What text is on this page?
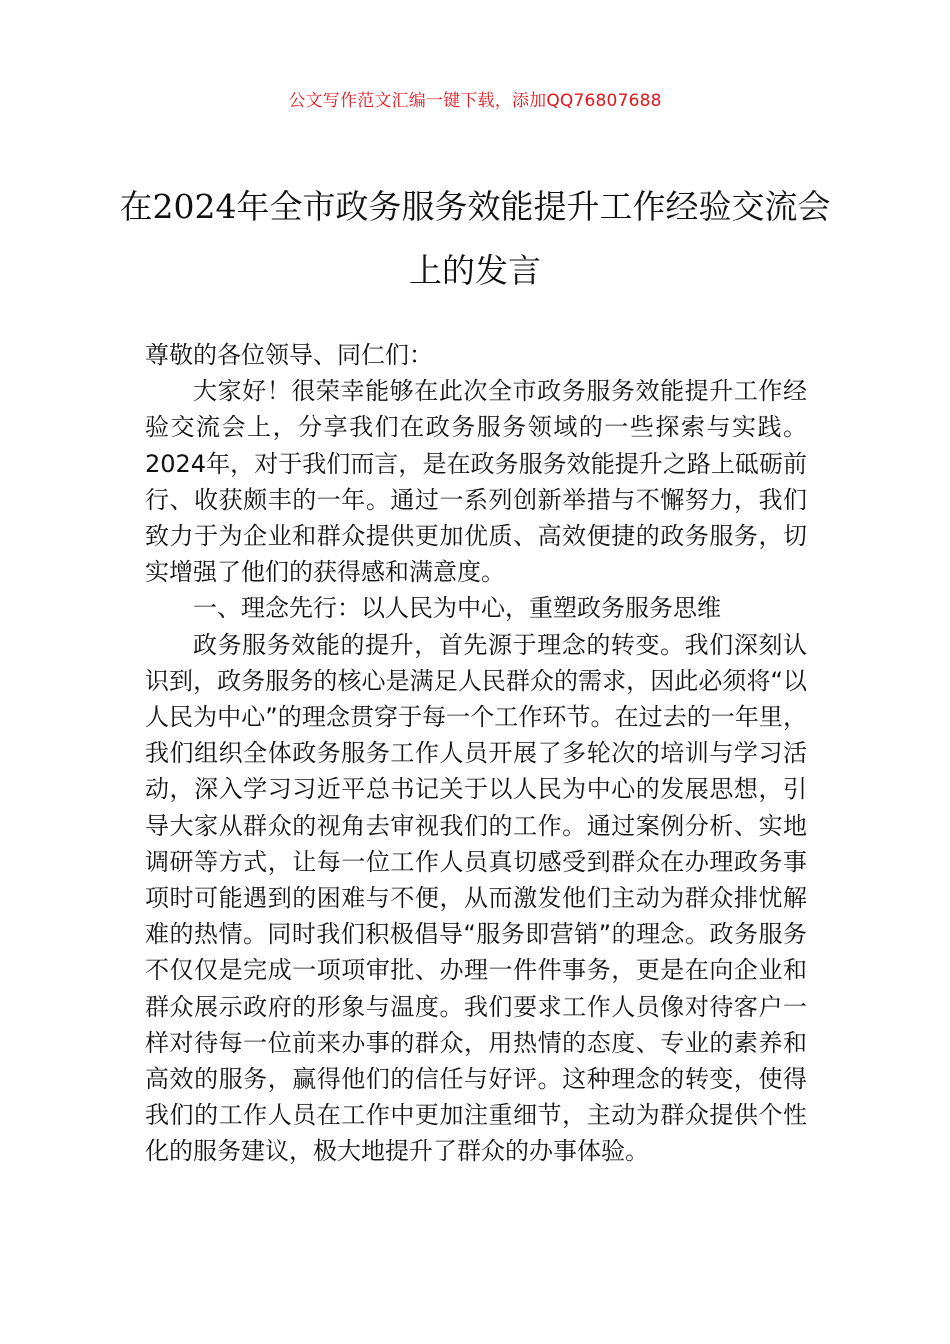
公文写作范文汇编一键下载，添加QQ76807688
在2024年全市政务服务效能提升工作经验交流会上的发言

尊敬的各位领导、同仁们：

大家好！很荣幸能够在此次全市政务服务效能提升工作经验交流会上，分享我们在政务服务领域的一些探索与实践。2024年，对于我们而言，是在政务服务效能提升之路上砥砺前行、收获颇丰的一年。通过一系列创新举措与不懈努力，我们致力于为企业和群众提供更加优质、高效便捷的政务服务，切实增强了他们的获得感和满意度。

一、理念先行：以人民为中心，重塑政务服务思维

政务服务效能的提升，首先源于理念的转变。我们深刻认识到，政务服务的核心是满足人民群众的需求，因此必须将“以人民为中心”的理念贯穿于每一个工作环节。在过去的一年里，我们组织全体政务服务工作人员开展了多轮次的培训与学习活动，深入学习习近平总书记关于以人民为中心的发展思想，引导大家从群众的视角去审视我们的工作。通过案例分析、实地调研等方式，让每一位工作人员真切感受到群众在办理政务事项时可能遇到的困难与不便，从而激发他们主动为群众排忧解难的热情。同时我们积极倡导“服务即营销”的理念。政务服务不仅仅是完成一项项审批、办理一件件事务，更是在向企业和群众展示政府的形象与温度。我们要求工作人员像对待客户一样对待每一位前来办事的群众，用热情的态度、专业的素养和高效的服务，赢得他们的信任与好评。这种理念的转变，使得我们的工作人员在工作中更加注重细节，主动为群众提供个性化的服务建议，极大地提升了群众的办事体验。
